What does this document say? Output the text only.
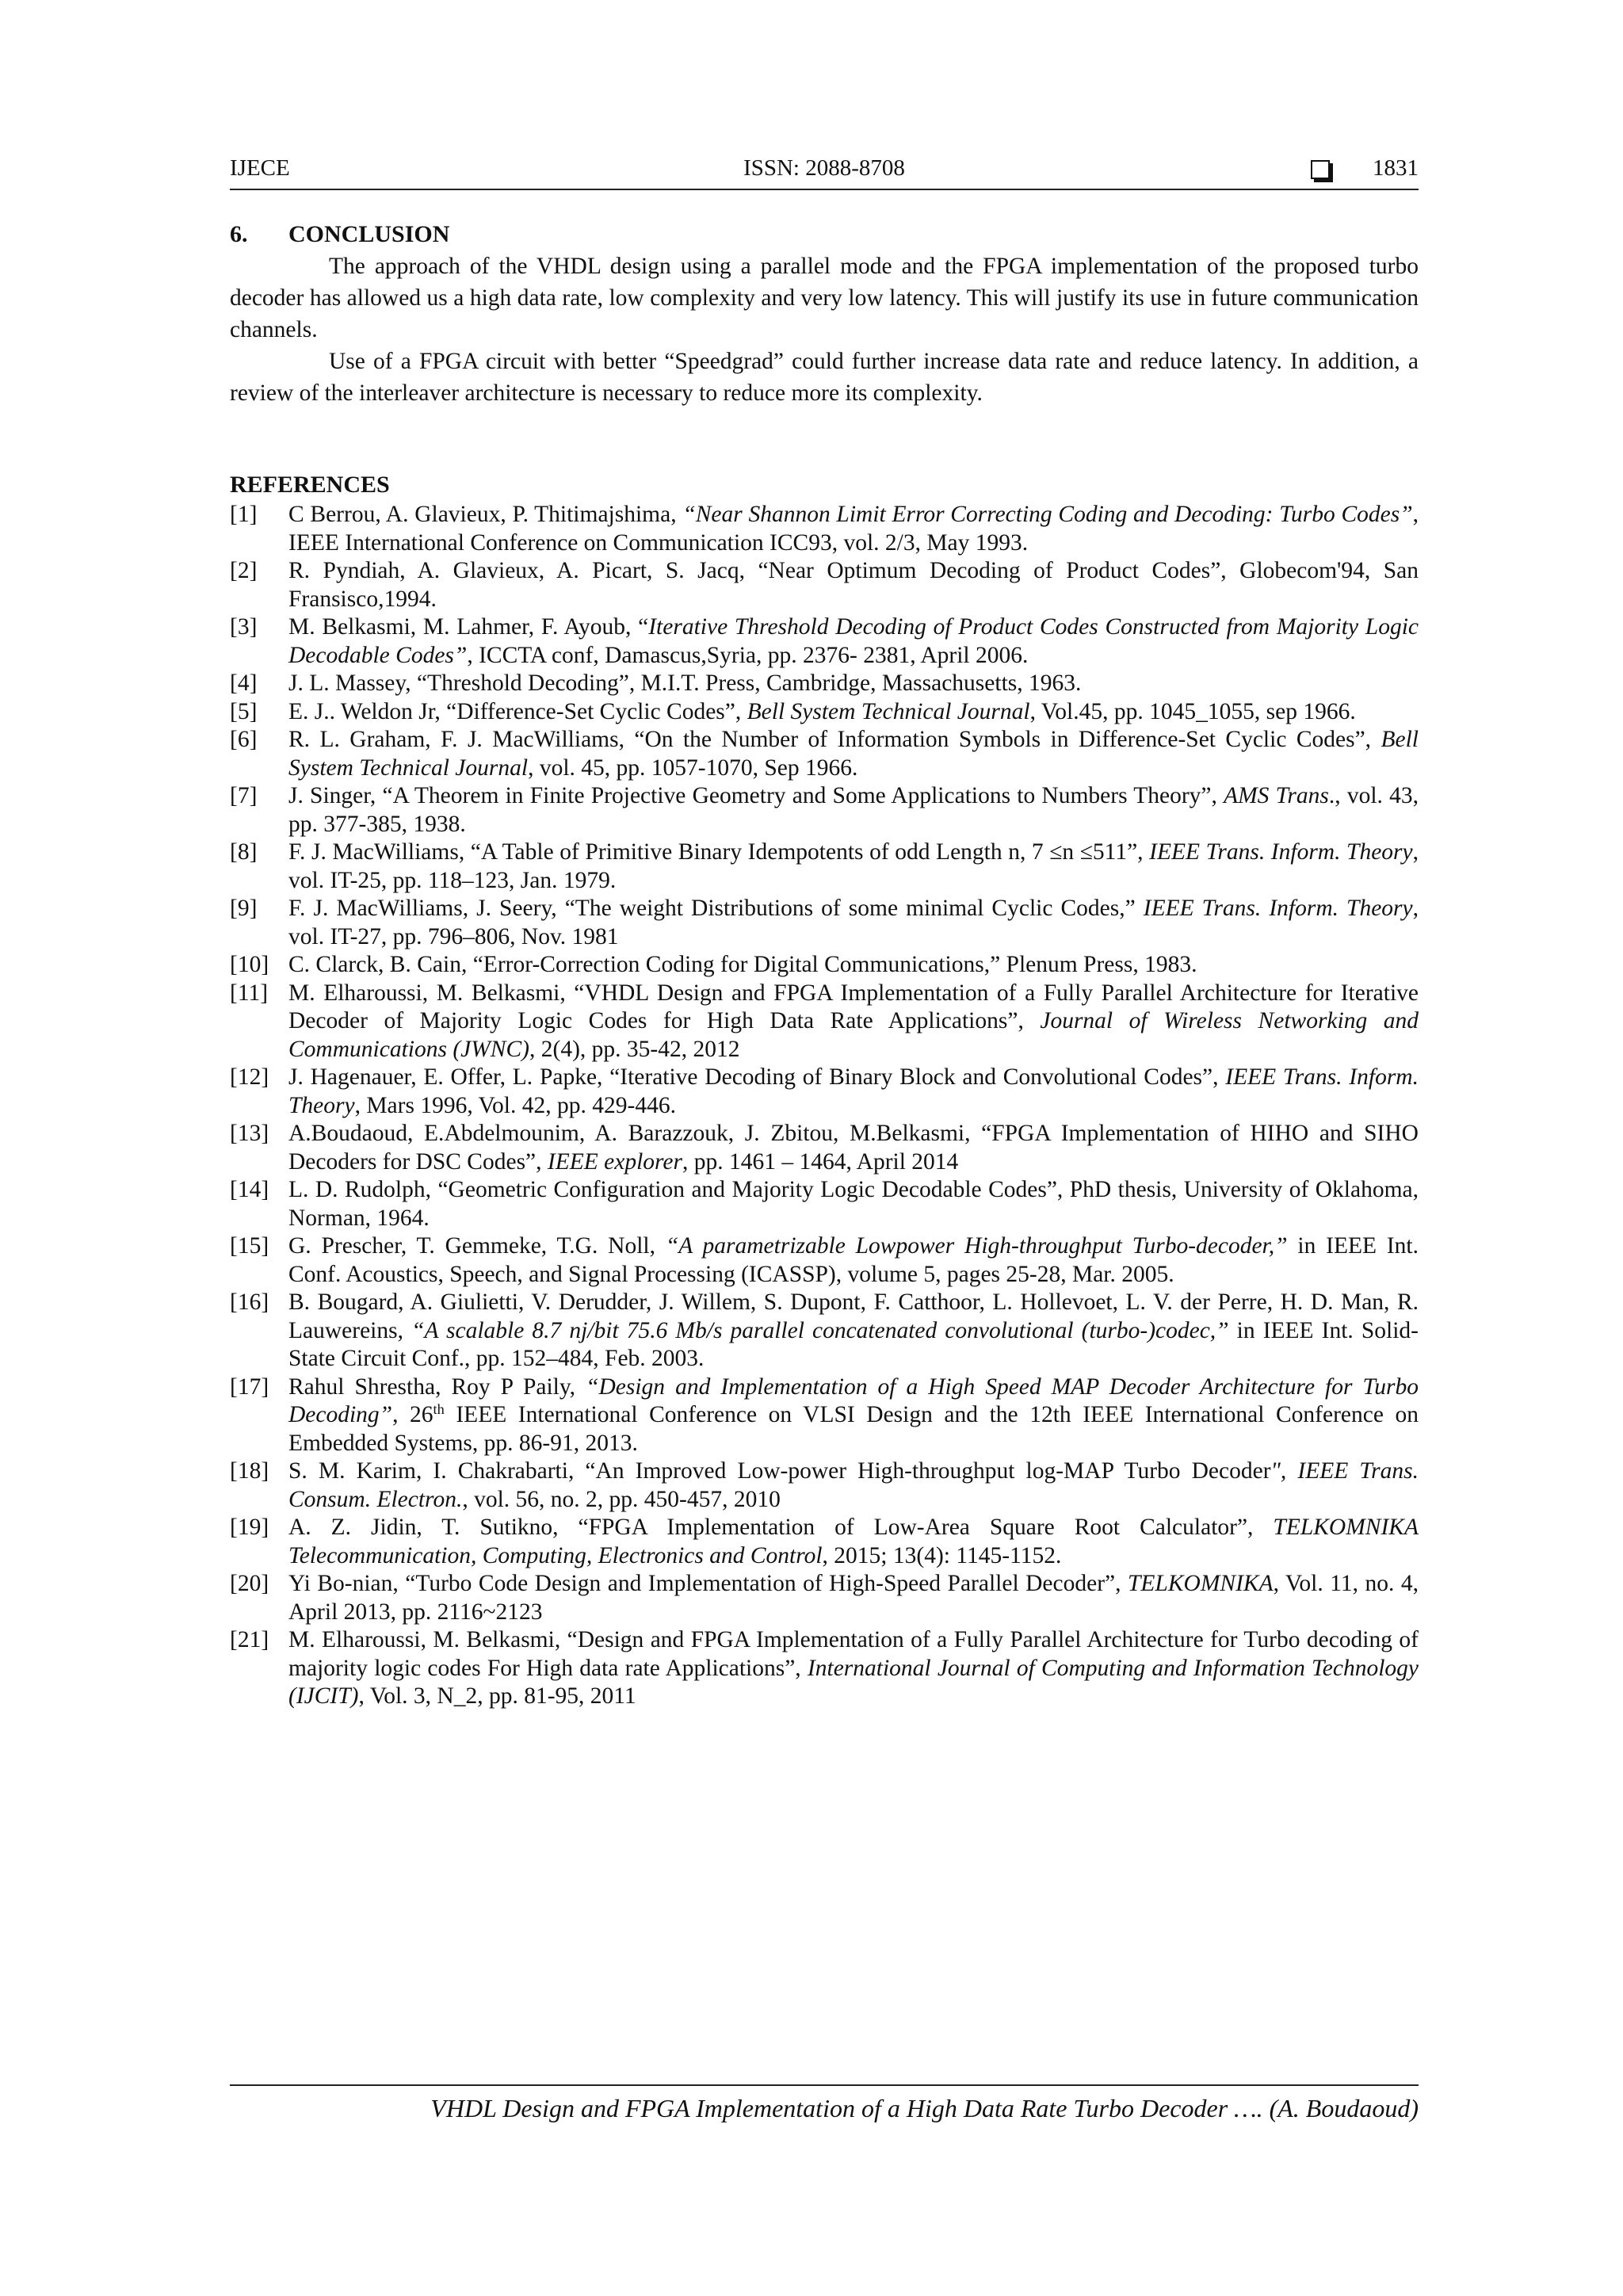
IJECE	ISSN: 2088-8708	1831

6. CONCLUSION

The approach of the VHDL design using a parallel mode and the FPGA implementation of the proposed turbo decoder has allowed us a high data rate, low complexity and very low latency. This will justify its use in future communication channels.

Use of a FPGA circuit with better “Speedgrad” could further increase data rate and reduce latency. In addition, a review of the interleaver architecture is necessary to reduce more its complexity.

REFERENCES

[1] C Berrou, A. Glavieux, P. Thitimajshima, “Near Shannon Limit Error Correcting Coding and Decoding: Turbo Codes”, IEEE International Conference on Communication ICC93, vol. 2/3, May 1993.

[2] R. Pyndiah, A. Glavieux, A. Picart, S. Jacq, “Near Optimum Decoding of Product Codes”, Globecom'94, San Fransisco,1994.

[3] M. Belkasmi, M. Lahmer, F. Ayoub, “Iterative Threshold Decoding of Product Codes Constructed from Majority Logic Decodable Codes”, ICCTA conf, Damascus,Syria, pp. 2376- 2381, April 2006.

[4] J. L. Massey, “Threshold Decoding”, M.I.T. Press, Cambridge, Massachusetts, 1963.

[5] E. J.. Weldon Jr, “Difference-Set Cyclic Codes”, Bell System Technical Journal, Vol.45, pp. 1045_1055, sep 1966.

[6] R. L. Graham, F. J. MacWilliams, “On the Number of Information Symbols in Difference-Set Cyclic Codes”, Bell System Technical Journal, vol. 45, pp. 1057-1070, Sep 1966.

[7] J. Singer, “A Theorem in Finite Projective Geometry and Some Applications to Numbers Theory”, AMS Trans., vol. 43, pp. 377-385, 1938.

[8] F. J. MacWilliams, “A Table of Primitive Binary Idempotents of odd Length n, 7 ≤n ≤511”, IEEE Trans. Inform. Theory, vol. IT-25, pp. 118–123, Jan. 1979.

[9] F. J. MacWilliams, J. Seery, “The weight Distributions of some minimal Cyclic Codes,” IEEE Trans. Inform. Theory, vol. IT-27, pp. 796–806, Nov. 1981

[10] C. Clarck, B. Cain, “Error-Correction Coding for Digital Communications,” Plenum Press, 1983.

[11] M. Elharoussi, M. Belkasmi, “VHDL Design and FPGA Implementation of a Fully Parallel Architecture for Iterative Decoder of Majority Logic Codes for High Data Rate Applications”, Journal of Wireless Networking and Communications (JWNC), 2(4), pp. 35-42, 2012

[12] J. Hagenauer, E. Offer, L. Papke, “Iterative Decoding of Binary Block and Convolutional Codes”, IEEE Trans. Inform. Theory, Mars 1996, Vol. 42, pp. 429-446.

[13] A.Boudaoud, E.Abdelmounim, A. Barazzouk, J. Zbitou, M.Belkasmi, “FPGA Implementation of HIHO and SIHO Decoders for DSC Codes”, IEEE explorer, pp. 1461 – 1464, April 2014

[14] L. D. Rudolph, “Geometric Configuration and Majority Logic Decodable Codes”, PhD thesis, University of Oklahoma, Norman, 1964.

[15] G. Prescher, T. Gemmeke, T.G. Noll, “A parametrizable Lowpower High-throughput Turbo-decoder,” in IEEE Int. Conf. Acoustics, Speech, and Signal Processing (ICASSP), volume 5, pages 25-28, Mar. 2005.

[16] B. Bougard, A. Giulietti, V. Derudder, J. Willem, S. Dupont, F. Catthoor, L. Hollevoet, L. V. der Perre, H. D. Man, R. Lauwereins, “A scalable 8.7 nj/bit 75.6 Mb/s parallel concatenated convolutional (turbo-)codec,” in IEEE Int. Solid-State Circuit Conf., pp. 152–484, Feb. 2003.

[17] Rahul Shrestha, Roy P Paily, “Design and Implementation of a High Speed MAP Decoder Architecture for Turbo Decoding”, 26th IEEE International Conference on VLSI Design and the 12th IEEE International Conference on Embedded Systems, pp. 86-91, 2013.

[18] S. M. Karim, I. Chakrabarti, “An Improved Low-power High-throughput log-MAP Turbo Decoder", IEEE Trans. Consum. Electron., vol. 56, no. 2, pp. 450-457, 2010

[19] A. Z. Jidin, T. Sutikno, “FPGA Implementation of Low-Area Square Root Calculator”, TELKOMNIKA Telecommunication, Computing, Electronics and Control, 2015; 13(4): 1145-1152.

[20] Yi Bo-nian, “Turbo Code Design and Implementation of High-Speed Parallel Decoder”, TELKOMNIKA, Vol. 11, no. 4, April 2013, pp. 2116~2123

[21] M. Elharoussi, M. Belkasmi, “Design and FPGA Implementation of a Fully Parallel Architecture for Turbo decoding of majority logic codes For High data rate Applications”, International Journal of Computing and Information Technology (IJCIT), Vol. 3, N_2, pp. 81-95, 2011

VHDL Design and FPGA Implementation of a High Data Rate Turbo Decoder …. (A. Boudaoud)
